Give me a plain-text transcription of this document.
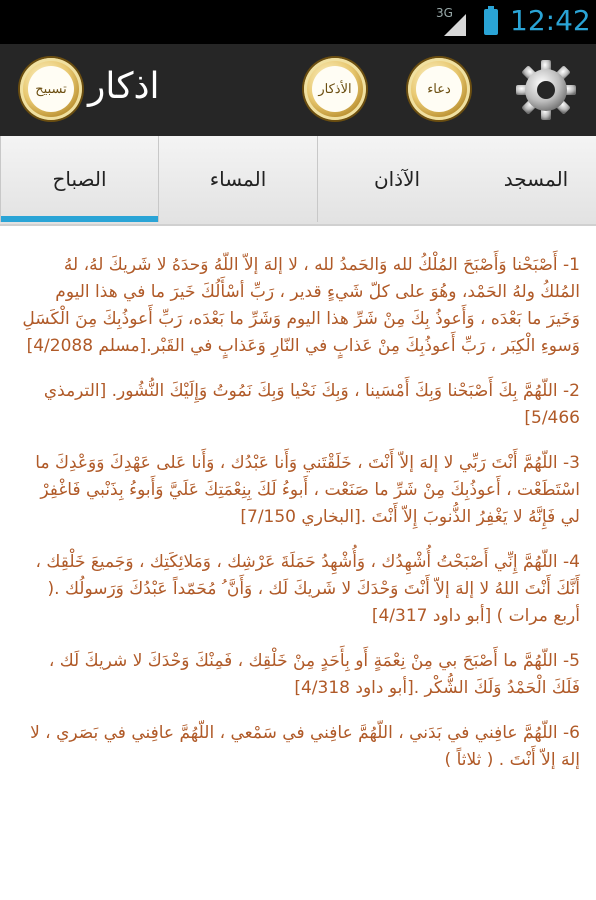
3G 12:42
تسبيح اذكار	الأذكار	دعاء
المسجد
الآذان
المساء
الصباح

1- أَصْبَحْنا وَأَصْبَحَ المُلْكُ لله وَالحَمدُ لله ، لا إلهَ إلاّ اللّهُ وَحدَهُ لا شَريكَ لهُ، لهُ المُلكُ ولهُ الحَمْد، وهُوَ على كلّ شَيءٍ قدير ، رَبِّ أسْأَلُكَ خَيرَ ما في هذا اليوم وَخَيرَ ما بَعْدَه ، وَأَعوذُ بِكَ مِنْ شَرِّ هذا اليوم وَشَرِّ ما بَعْدَه، رَبِّ أَعوذُبِكَ مِنَ الْكَسَلِ وَسوءِ الْكِبَر ، رَبِّ أَعوذُبِكَ مِنْ عَذابٍ في النّارِ وَعَذابٍ في القَبْر.[مسلم 4/2088]

2- اللّهُمَّ بِكَ أَصْبَحْنا وَبِكَ أَمْسَينا ، وَبِكَ نَحْيا وَبِكَ نَمُوتُ وَإِلَيْكَ النُّشُور. [الترمذي 5/466]

3- اللّهُمَّ أَنْتَ رَبِّي لا إلهَ إلاّ أَنْتَ ، خَلَقْتَني وَأَنا عَبْدُك ، وَأَنا عَلى عَهْدِكَ وَوَعْدِكَ ما اسْتَطَعْت ، أَعوذُبِكَ مِنْ شَرِّ ما صَنَعْت ، أَبوءُ لَكَ بِنِعْمَتِكَ عَلَيَّ وَأَبوءُ بِذَنْبي فَاغْفِرْ لي فَإِنَّهُ لا يَغْفِرُ الذُّنوبَ إِلاّ أَنْتَ .[البخاري 7/150]

4- اللّهُمَّ إِنِّي أَصْبَحْتُ أُشْهِدُك ، وَأُشْهِدُ حَمَلَةَ عَرْشِك ، وَمَلائِكَتِك ، وَجَميعَ خَلْقِك ، أَنَّكَ أَنْتَ اللهُ لا إلهَ إلاّ أَنْتَ وَحْدَكَ لا شَريكَ لَك ، وَأَنَّ ُ مُحَمّداً عَبْدُكَ وَرَسولُك .( أربع مرات ) [أبو داود 4/317]

5- اللّهُمَّ ما أَصْبَحَ بي مِنْ نِعْمَةٍ أَو بِأَحَدٍ مِنْ خَلْقِك ، فَمِنْكَ وَحْدَكَ لا شريكَ لَك ، فَلَكَ الْحَمْدُ وَلَكَ الشُّكْر .[أبو داود 4/318]

6- اللّهُمَّ عافِني في بَدَني ، اللّهُمَّ عافِني في سَمْعي ، اللّهُمَّ عافِني في بَصَري ، لا إلهَ إلاّ أَنْتَ . ( ثلاثاً )
